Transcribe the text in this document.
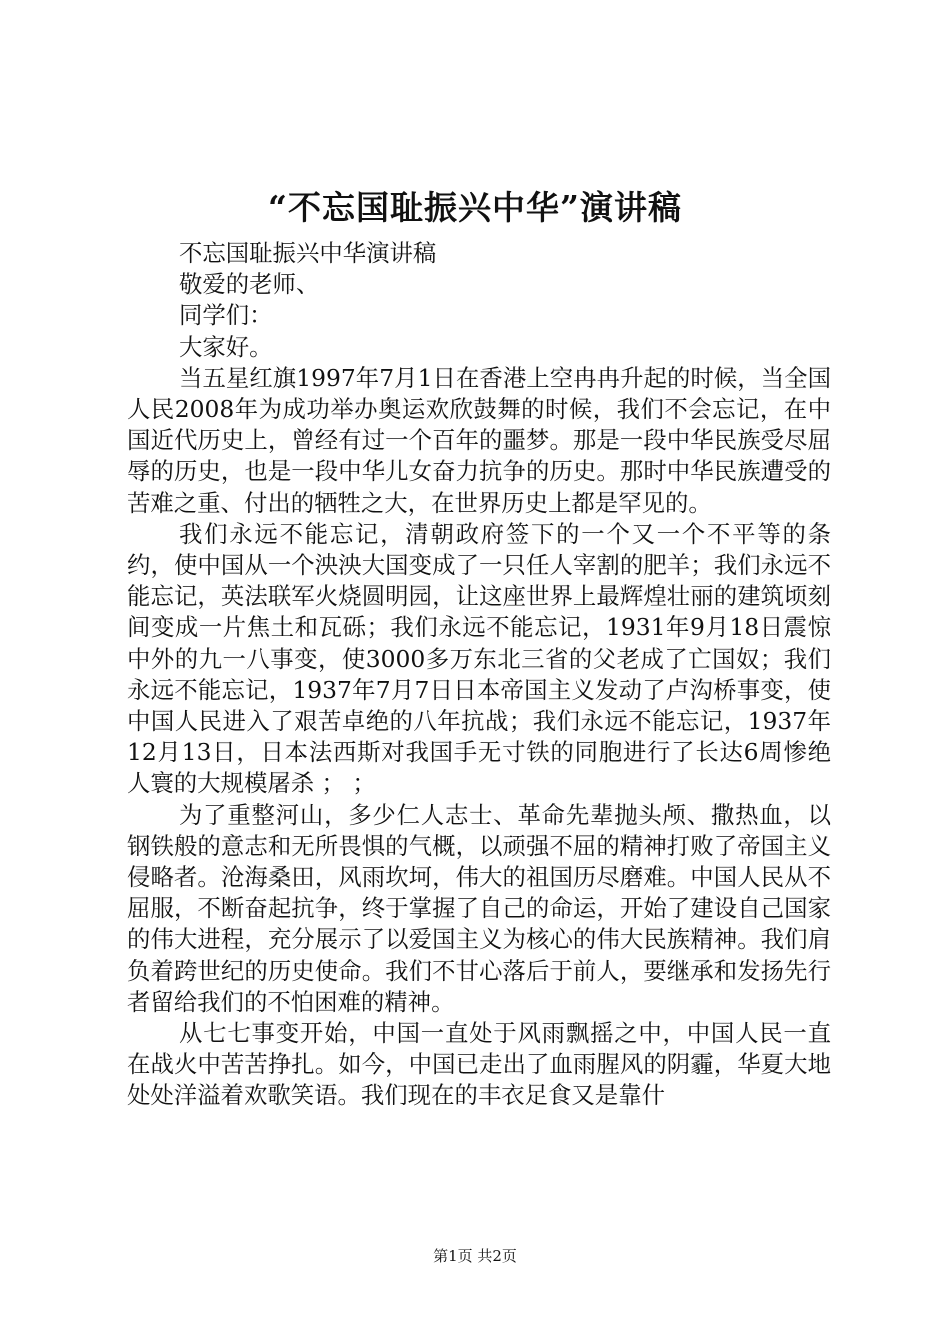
“不忘国耻振兴中华”演讲稿
不忘国耻振兴中华演讲稿
敬爱的老师、
同学们：
大家好。

当五星红旗1997年7月1日在香港上空冉冉升起的时候，当全国人民2008年为成功举办奥运欢欣鼓舞的时候，我们不会忘记，在中国近代历史上，曾经有过一个百年的噩梦。那是一段中华民族受尽屈辱的历史，也是一段中华儿女奋力抗争的历史。那时中华民族遭受的苦难之重、付出的牺牲之大，在世界历史上都是罕见的。

我们永远不能忘记，清朝政府签下的一个又一个不平等的条约，使中国从一个泱泱大国变成了一只任人宰割的肥羊；我们永远不能忘记，英法联军火烧圆明园，让这座世界上最辉煌壮丽的建筑顷刻间变成一片焦土和瓦砾；我们永远不能忘记，1931年9月18日震惊中外的九一八事变，使3000多万东北三省的父老成了亡国奴；我们永远不能忘记，1937年7月7日日本帝国主义发动了卢沟桥事变，使中国人民进入了艰苦卓绝的八年抗战；我们永远不能忘记，1937年12月13日，日本法西斯对我国手无寸铁的同胞进行了长达6周惨绝人寰的大规模屠杀 ； ；

为了重整河山，多少仁人志士、革命先辈抛头颅、撒热血，以钢铁般的意志和无所畏惧的气概，以顽强不屈的精神打败了帝国主义侵略者。沧海桑田，风雨坎坷，伟大的祖国历尽磨难。中国人民从不屈服，不断奋起抗争，终于掌握了自己的命运，开始了建设自己国家的伟大进程，充分展示了以爱国主义为核心的伟大民族精神。我们肩负着跨世纪的历史使命。我们不甘心落后于前人，要继承和发扬先行者留给我们的不怕困难的精神。

从七七事变开始，中国一直处于风雨飘摇之中，中国人民一直在战火中苦苦挣扎。如今，中国已走出了血雨腥风的阴霾，华夏大地处处洋溢着欢歌笑语。我们现在的丰衣足食又是靠什

第1页 共2页
